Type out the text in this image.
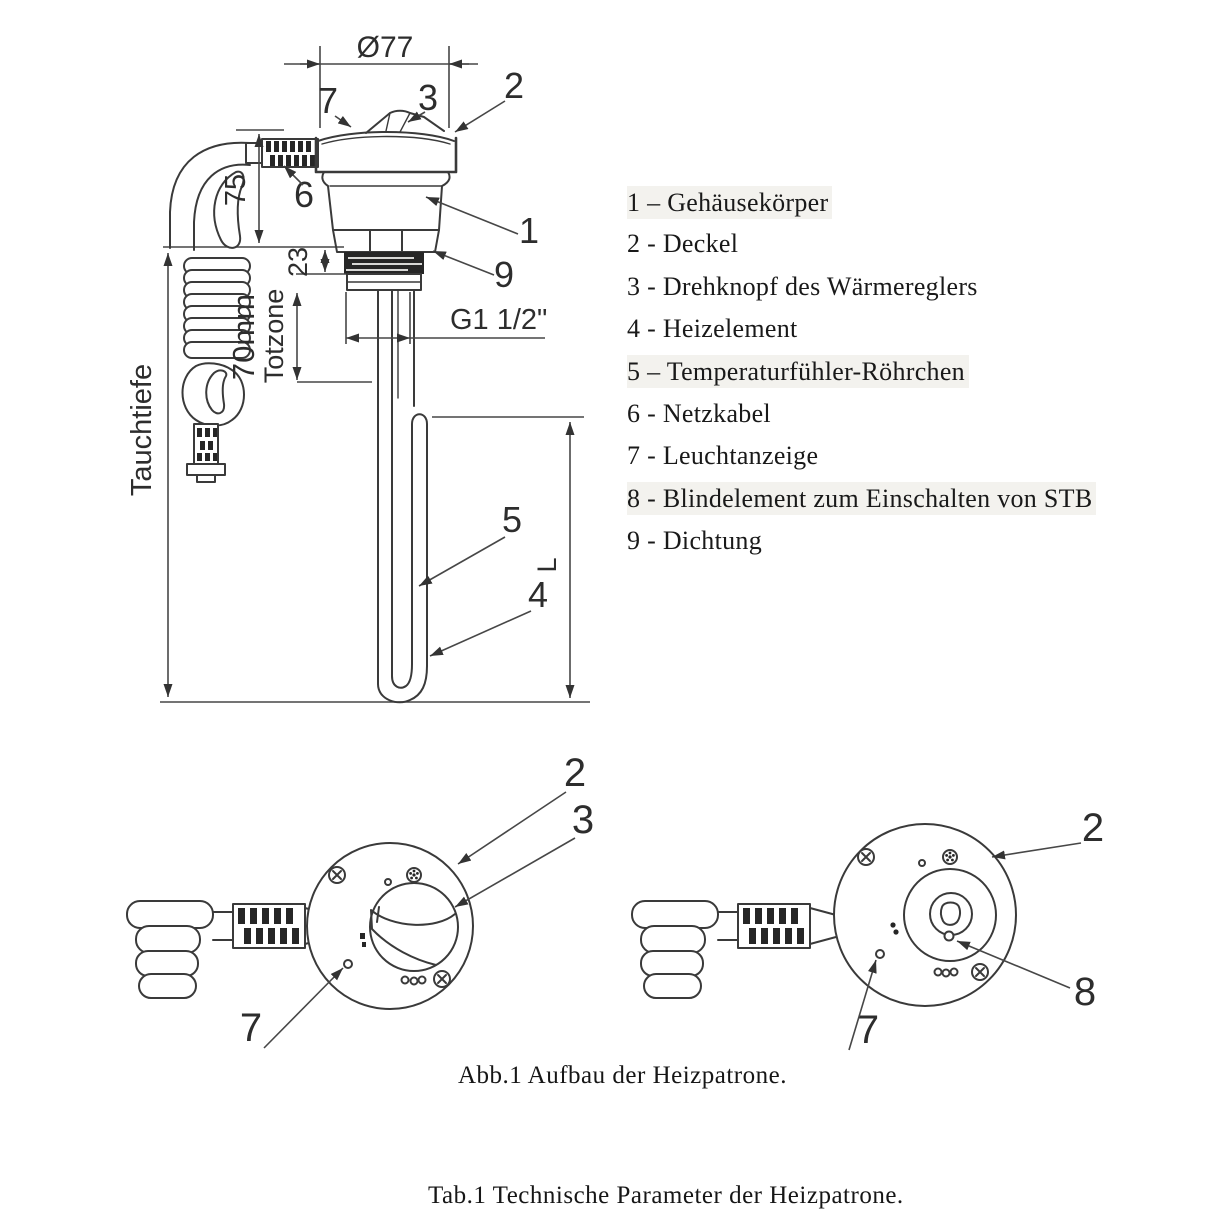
Ø77
75
23
70mm
Totzone	G1 1/2"
Tauchtiefe
L
7 3 2
6
1
9
5
4
2
3
7
2
7
8
1 – Gehäusekörper
2 - Deckel
3 - Drehknopf des Wärmereglers
4 - Heizelement
5 – Temperaturfühler-Röhrchen
6 - Netzkabel
7 - Leuchtanzeige
8 - Blindelement zum Einschalten von STB
9 - Dichtung
Abb.1 Aufbau der Heizpatrone.
Tab.1 Technische Parameter der Heizpatrone.
